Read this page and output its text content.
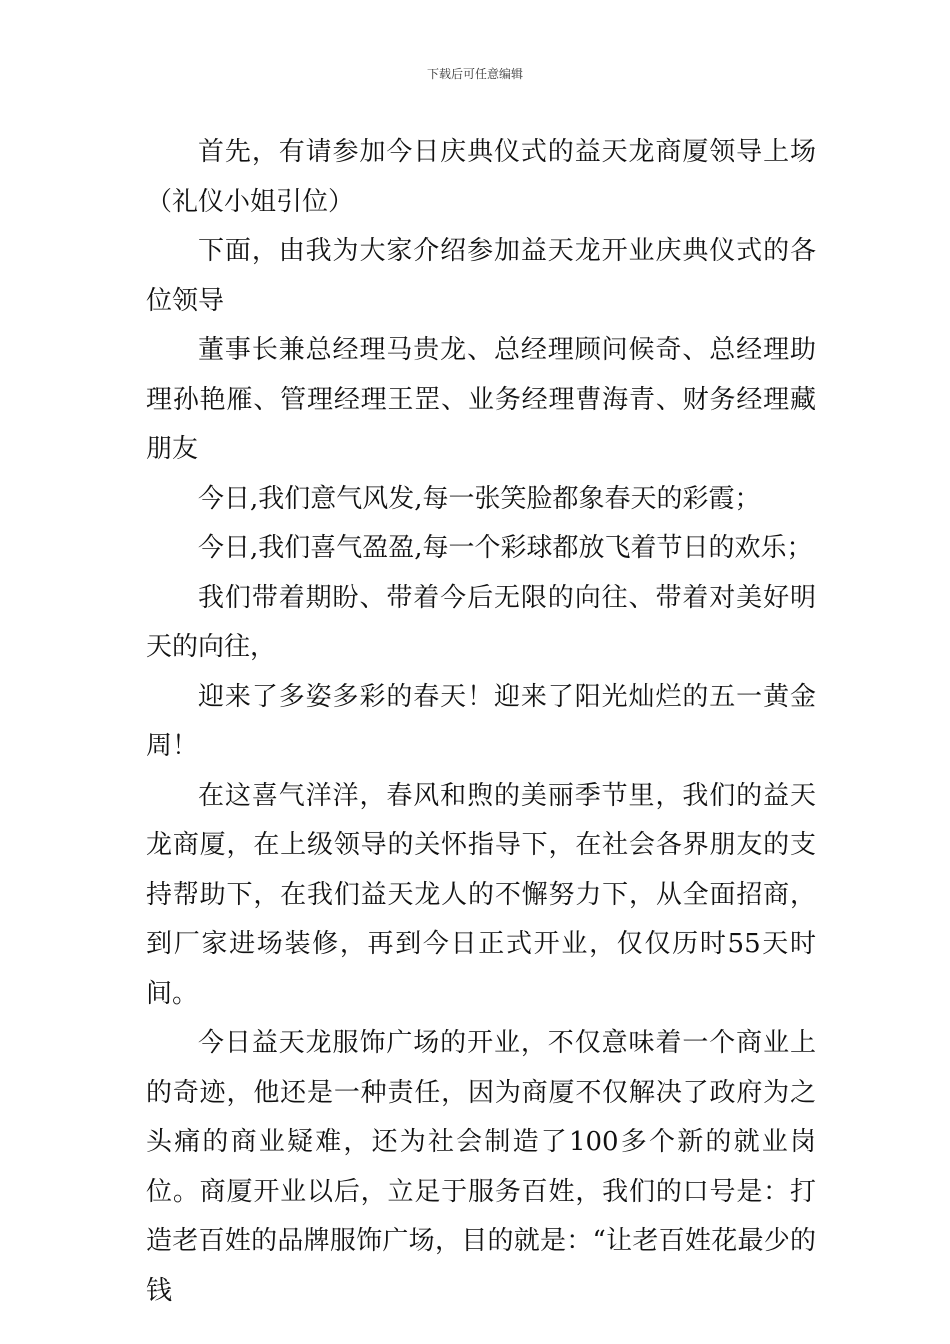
下载后可任意编辑

首先，有请参加今日庆典仪式的益天龙商厦领导上场（礼仪小姐引位）

下面，由我为大家介绍参加益天龙开业庆典仪式的各位领导

董事长兼总经理马贵龙、总经理顾问候奇、总经理助理孙艳雁、管理经理王罡、业务经理曹海青、财务经理藏朋友

今日,我们意气风发,每一张笑脸都象春天的彩霞；

今日,我们喜气盈盈,每一个彩球都放飞着节日的欢乐；

我们带着期盼、带着今后无限的向往、带着对美好明天的向往，

迎来了多姿多彩的春天！迎来了阳光灿烂的五一黄金周！

在这喜气洋洋，春风和煦的美丽季节里，我们的益天龙商厦，在上级领导的关怀指导下，在社会各界朋友的支持帮助下，在我们益天龙人的不懈努力下，从全面招商，到厂家进场装修，再到今日正式开业，仅仅历时55天时间。

今日益天龙服饰广场的开业，不仅意味着一个商业上的奇迹，他还是一种责任，因为商厦不仅解决了政府为之头痛的商业疑难，还为社会制造了100多个新的就业岗位。商厦开业以后，立足于服务百姓，我们的口号是：打造老百姓的品牌服饰广场，目的就是：“让老百姓花最少的钱
